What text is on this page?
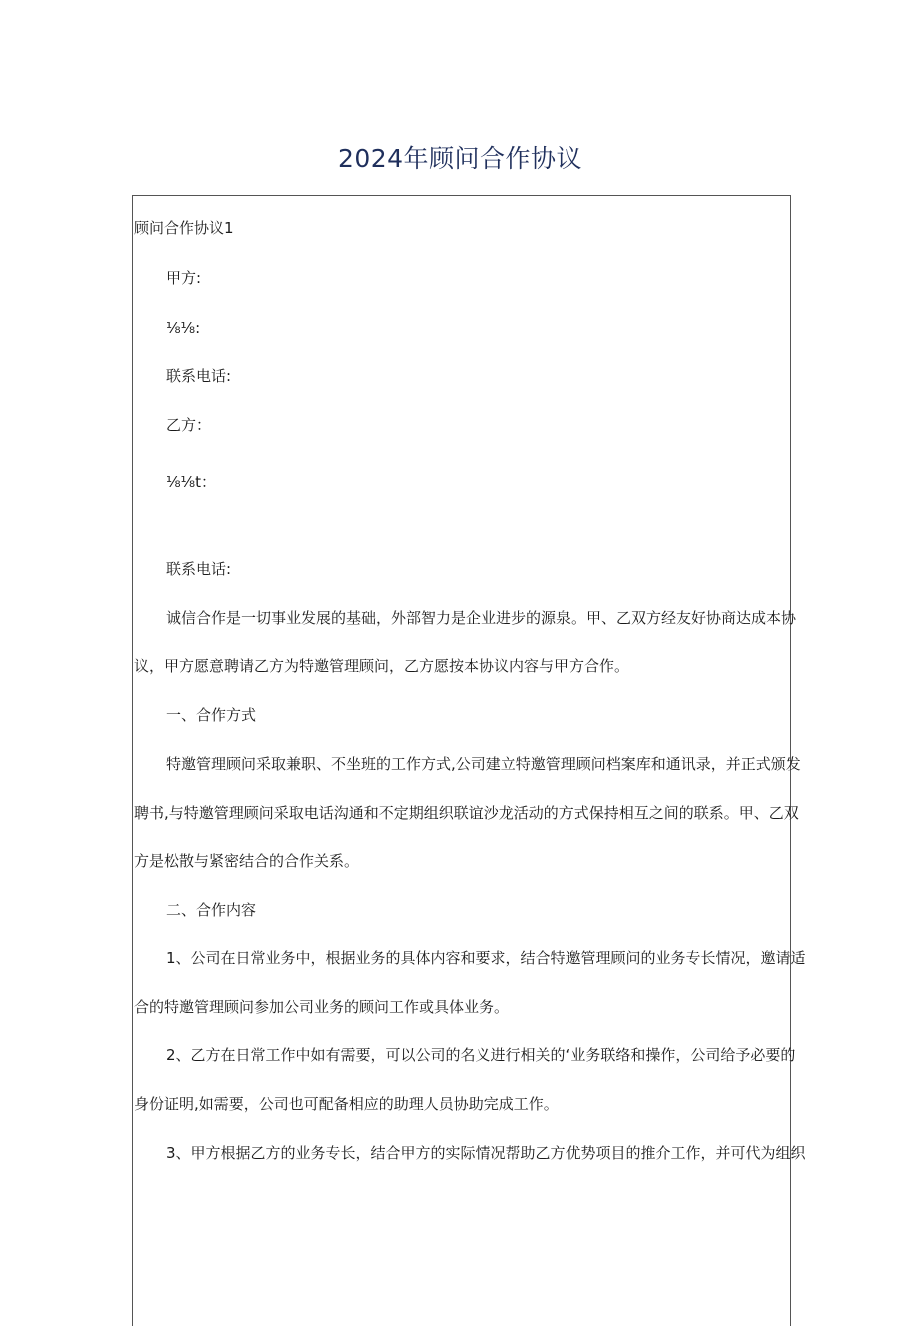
2024年顾问合作协议
顾问合作协议1
甲方:
⅛⅛:
联系电话:
乙方：
⅛⅛t：
联系电话:
诚信合作是一切事业发展的基础，外部智力是企业进步的源泉。甲、乙双方经友好协商达成本协
议，甲方愿意聘请乙方为特邀管理顾问，乙方愿按本协议内容与甲方合作。
一、合作方式
特邀管理顾问采取兼职、不坐班的工作方式,公司建立特邀管理顾问档案库和通讯录，并正式颁发
聘书,与特邀管理顾问采取电话沟通和不定期组织联谊沙龙活动的方式保持相互之间的联系。甲、乙双
方是松散与紧密结合的合作关系。
二、合作内容
1、公司在日常业务中，根据业务的具体内容和要求，结合特邀管理顾问的业务专长情况，邀请适
合的特邀管理顾问参加公司业务的顾问工作或具体业务。
2、乙方在日常工作中如有需要，可以公司的名义进行相关的‘业务联络和操作，公司给予必要的
身份证明,如需要，公司也可配备相应的助理人员协助完成工作。
3、甲方根据乙方的业务专长，结合甲方的实际情况帮助乙方优势项目的推介工作，并可代为组织
